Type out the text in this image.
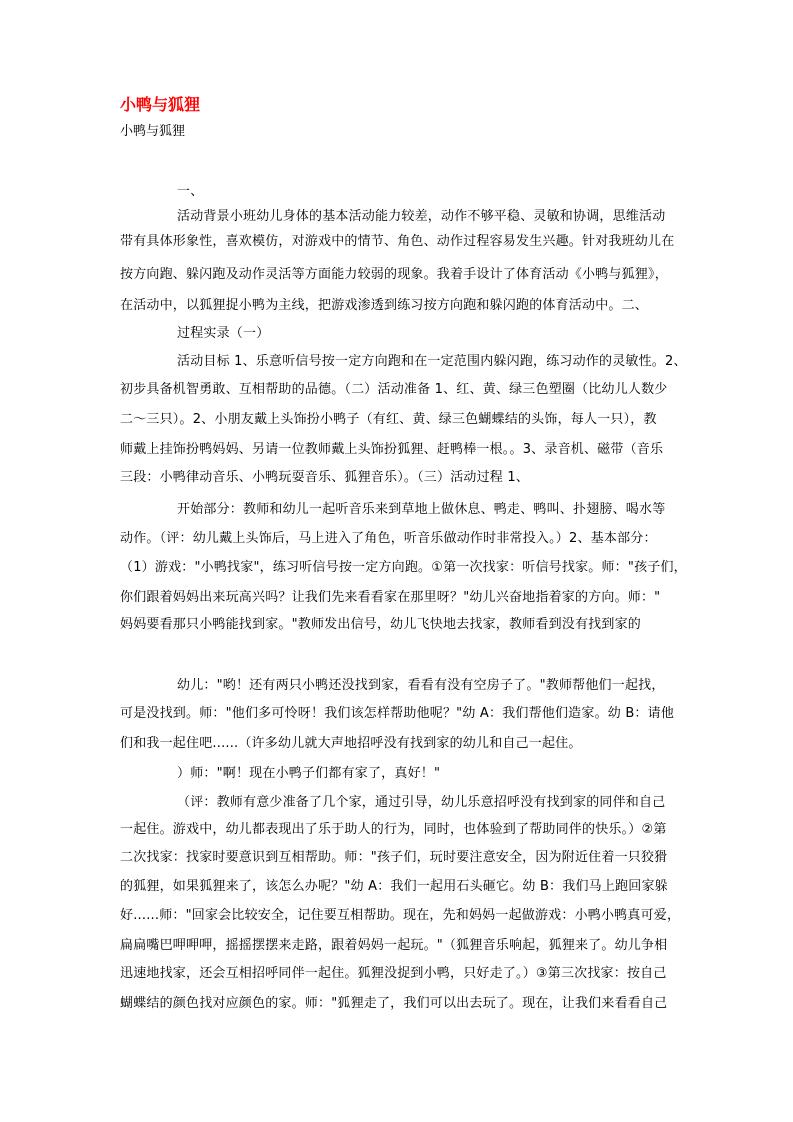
小鸭与狐狸
小鸭与狐狸
一、
活动背景小班幼儿身体的基本活动能力较差，动作不够平稳、灵敏和协调，思维活动
带有具体形象性，喜欢模仿，对游戏中的情节、角色、动作过程容易发生兴趣。针对我班幼儿在
按方向跑、躲闪跑及动作灵活等方面能力较弱的现象。我着手设计了体育活动《小鸭与狐狸》，
在活动中，以狐狸捉小鸭为主线，把游戏渗透到练习按方向跑和躲闪跑的体育活动中。二、
过程实录（一）
活动目标 1、乐意听信号按一定方向跑和在一定范围内躲闪跑，练习动作的灵敏性。2、
初步具备机智勇敢、互相帮助的品德。（二）活动准备 1、红、黄、绿三色塑圈（比幼儿人数少
二～三只）。2、小朋友戴上头饰扮小鸭子（有红、黄、绿三色蝴蝶结的头饰，每人一只），教
师戴上挂饰扮鸭妈妈、另请一位教师戴上头饰扮狐狸、赶鸭棒一根。。3、录音机、磁带（音乐
三段：小鸭律动音乐、小鸭玩耍音乐、狐狸音乐）。（三）活动过程 1、
开始部分：教师和幼儿一起听音乐来到草地上做休息、鸭走、鸭叫、扑翅膀、喝水等
动作。（评：幼儿戴上头饰后，马上进入了角色，听音乐做动作时非常投入。）2、基本部分：
（1）游戏："小鸭找家"，练习听信号按一定方向跑。①第一次找家：听信号找家。师："孩子们，
你们跟着妈妈出来玩高兴吗？让我们先来看看家在那里呀？"幼儿兴奋地指着家的方向。师："
妈妈要看那只小鸭能找到家。"教师发出信号，幼儿飞快地去找家，教师看到没有找到家的
幼儿："哟！还有两只小鸭还没找到家，看看有没有空房子了。"教师帮他们一起找，
可是没找到。师："他们多可怜呀！我们该怎样帮助他呢？"幼 A：我们帮他们造家。幼 B：请他
们和我一起住吧......（许多幼儿就大声地招呼没有找到家的幼儿和自己一起住。
）师："啊！现在小鸭子们都有家了，真好！"
（评：教师有意少准备了几个家，通过引导，幼儿乐意招呼没有找到家的同伴和自己
一起住。游戏中，幼儿都表现出了乐于助人的行为，同时，也体验到了帮助同伴的快乐。）②第
二次找家：找家时要意识到互相帮助。师："孩子们，玩时要注意安全，因为附近住着一只狡猾
的狐狸，如果狐狸来了，该怎么办呢？"幼 A：我们一起用石头砸它。幼 B：我们马上跑回家躲
好......师："回家会比较安全，记住要互相帮助。现在，先和妈妈一起做游戏：小鸭小鸭真可爱，
扁扁嘴巴呷呷呷，摇摇摆摆来走路，跟着妈妈一起玩。"（狐狸音乐响起，狐狸来了。幼儿争相
迅速地找家，还会互相招呼同伴一起住。狐狸没捉到小鸭，只好走了。）③第三次找家：按自己
蝴蝶结的颜色找对应颜色的家。师："狐狸走了，我们可以出去玩了。现在，让我们来看看自己
